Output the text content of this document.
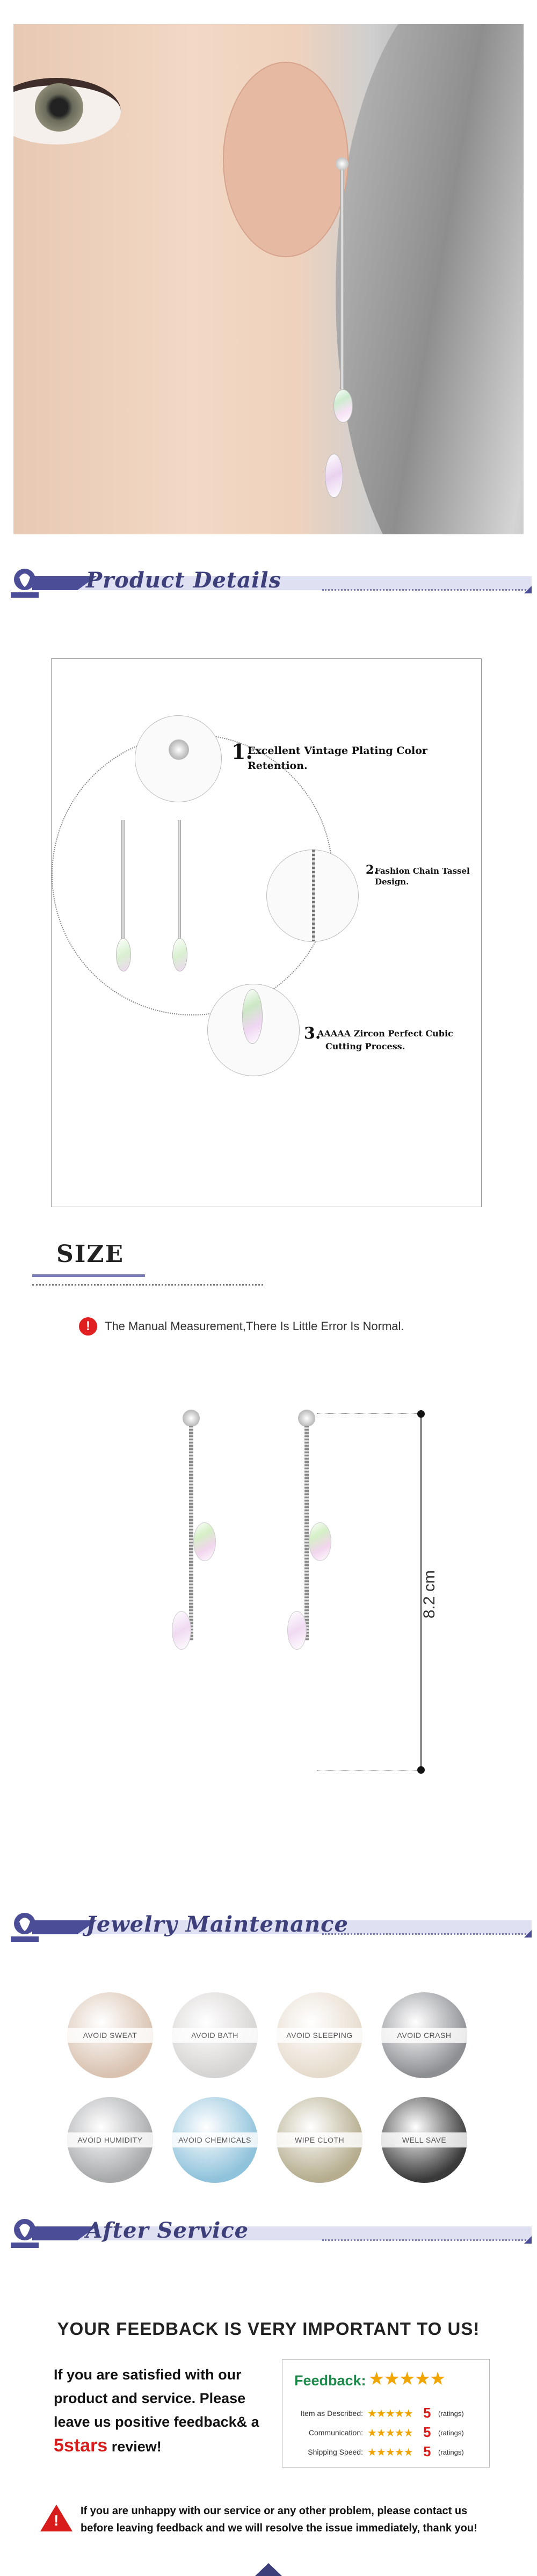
Product Details
1.
Excellent Vintage Plating Color
Retention.
2.
Fashion Chain Tassel
Design.
3.
AAAAA Zircon Perfect Cubic
Cutting Process.
SIZE
!	The Manual Measurement,There Is Little Error Is Normal.
8.2 cm
Jewelry Maintenance
AVOID SWEAT	AVOID BATH	AVOID SLEEPING	AVOID CRASH
AVOID HUMIDITY	AVOID CHEMICALS	WIPE CLOTH	WELL SAVE
After Service
YOUR FEEDBACK IS VERY IMPORTANT TO US!
If you are satisfied with our
product and service. Please
leave us positive feedback& a
5stars review!
Feedback: ★★★★★
Item as Described: ★★★★★ 5 (ratings)
Communication: ★★★★★ 5 (ratings)
Shipping Speed: ★★★★★ 5 (ratings)
!
If you are unhappy with our service or any other problem, please contact us
before leaving feedback and we will resolve the issue immediately, thank you!
